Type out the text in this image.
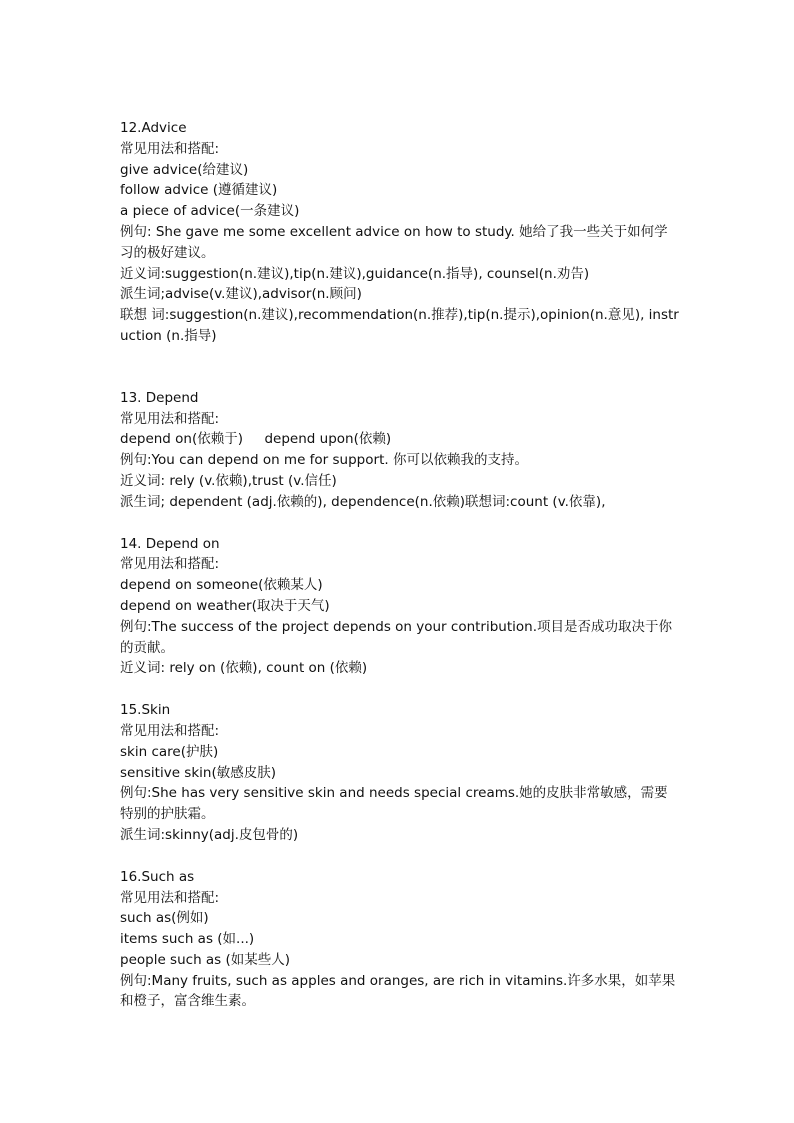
12.Advice

常见用法和搭配:

give advice(给建议)

follow advice (遵循建议)

a piece of advice(一条建议)

例句: She gave me some excellent advice on how to study. 她给了我一些关于如何学习的极好建议。

近义词:suggestion(n.建议),tip(n.建议),guidance(n.指导), counsel(n.劝告)

派生词;advise(v.建议),advisor(n.顾问)

联想 词:suggestion(n.建议),recommendation(n.推荐),tip(n.提示),opinion(n.意见), instruction (n.指导)

13. Depend

常见用法和搭配:

depend on(依赖于)     depend upon(依赖)

例句:You can depend on me for support. 你可以依赖我的支持。

近义词: rely (v.依赖),trust (v.信任)

派生词; dependent (adj.依赖的), dependence(n.依赖)联想词:count (v.依靠),

14. Depend on

常见用法和搭配:

depend on someone(依赖某人)

depend on weather(取决于天气)

例句:The success of the project depends on your contribution.项目是否成功取决于你的贡献。

近义词: rely on (依赖), count on (依赖)

15.Skin

常见用法和搭配:

skin care(护肤)

sensitive skin(敏感皮肤)

例句:She has very sensitive skin and needs special creams.她的皮肤非常敏感，需要特别的护肤霜。

派生词:skinny(adj.皮包骨的)

16.Such as

常见用法和搭配:

such as(例如)

items such as (如...)

people such as (如某些人)

例句:Many fruits, such as apples and oranges, are rich in vitamins.许多水果，如苹果和橙子，富含维生素。
